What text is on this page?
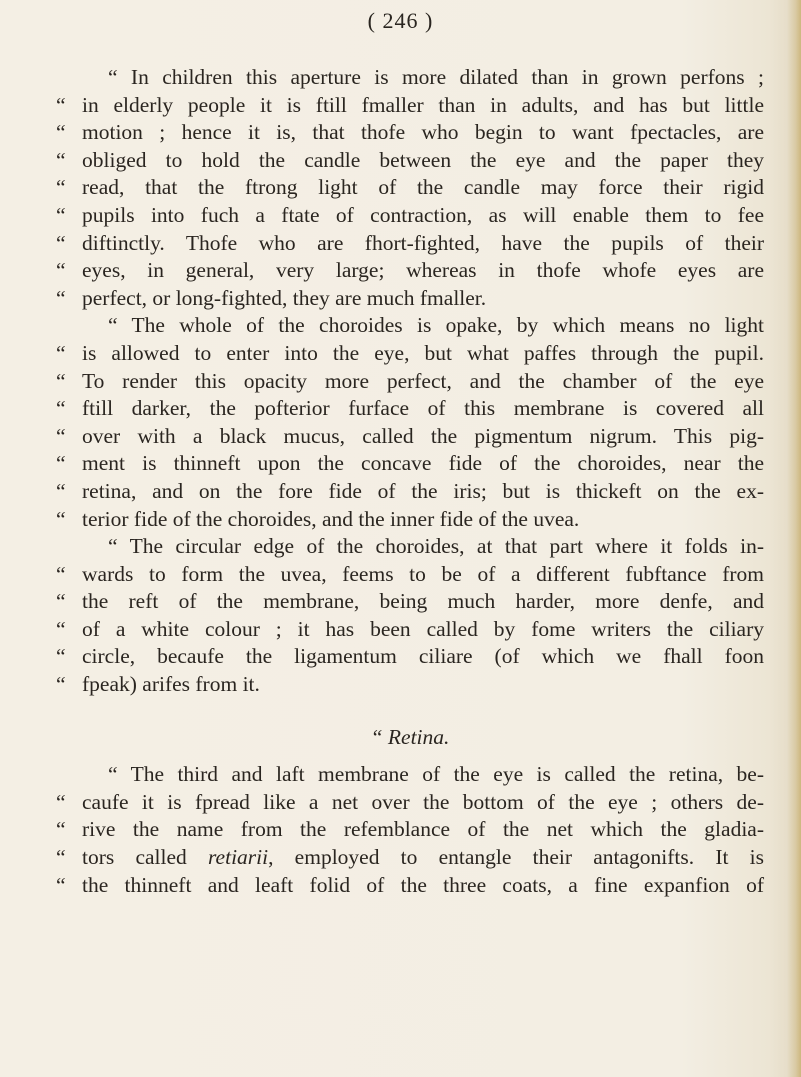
( 246 )
“ In children this aperture is more dilated than in grown perfons ;
“ in elderly people it is ftill fmaller than in adults, and has but little
“ motion ; hence it is, that thofe who begin to want fpectacles, are
“ obliged to hold the candle between the eye and the paper they
“ read, that the ftrong light of the candle may force their rigid
“ pupils into fuch a ftate of contraction, as will enable them to fee
“ diftinctly. Thofe who are fhort-fighted, have the pupils of their
“ eyes, in general, very large; whereas in thofe whofe eyes are
“ perfect, or long-fighted, they are much fmaller.
“ The whole of the choroides is opake, by which means no light
“ is allowed to enter into the eye, but what paffes through the pupil.
“ To render this opacity more perfect, and the chamber of the eye
“ ftill darker, the pofterior furface of this membrane is covered all
“ over with a black mucus, called the pigmentum nigrum. This pig-
“ ment is thinneft upon the concave fide of the choroides, near the
“ retina, and on the fore fide of the iris; but is thickeft on the ex-
“ terior fide of the choroides, and the inner fide of the uvea.
“ The circular edge of the choroides, at that part where it folds in-
“ wards to form the uvea, feems to be of a different fubftance from
“ the reft of the membrane, being much harder, more denfe, and
“ of a white colour ; it has been called by fome writers the ciliary
“ circle, becaufe the ligamentum ciliare (of which we fhall foon
“ fpeak) arifes from it.
“ Retina.
“ The third and laft membrane of the eye is called the retina, be-
“ caufe it is fpread like a net over the bottom of the eye ; others de-
“ rive the name from the refemblance of the net which the gladia-
“ tors called retiarii, employed to entangle their antagonifts. It is
“ the thinneft and leaft folid of the three coats, a fine expanfion of
